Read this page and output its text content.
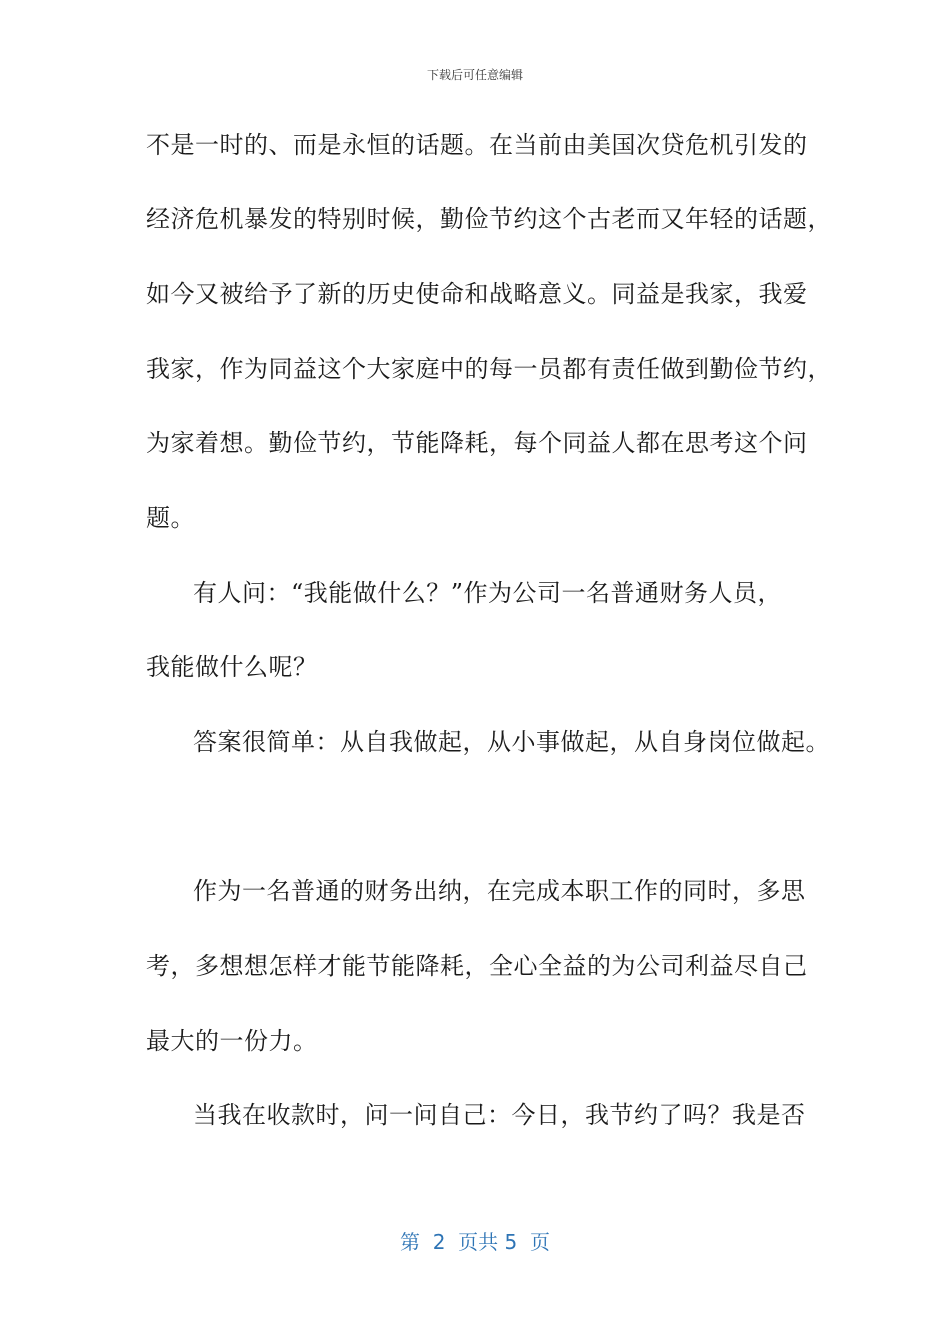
下载后可任意编辑
不是一时的、而是永恒的话题。在当前由美国次贷危机引发的
经济危机暴发的特别时候，勤俭节约这个古老而又年轻的话题，
如今又被给予了新的历史使命和战略意义。同益是我家，我爱
我家，作为同益这个大家庭中的每一员都有责任做到勤俭节约，
为家着想。勤俭节约，节能降耗，每个同益人都在思考这个问
题。
有人问：“我能做什么？”作为公司一名普通财务人员，
我能做什么呢？
答案很简单：从自我做起，从小事做起，从自身岗位做起。
作为一名普通的财务出纳，在完成本职工作的同时，多思
考，多想想怎样才能节能降耗，全心全益的为公司利益尽自己
最大的一份力。
当我在收款时，问一问自己：今日，我节约了吗？我是否
第  2  页共 5  页
